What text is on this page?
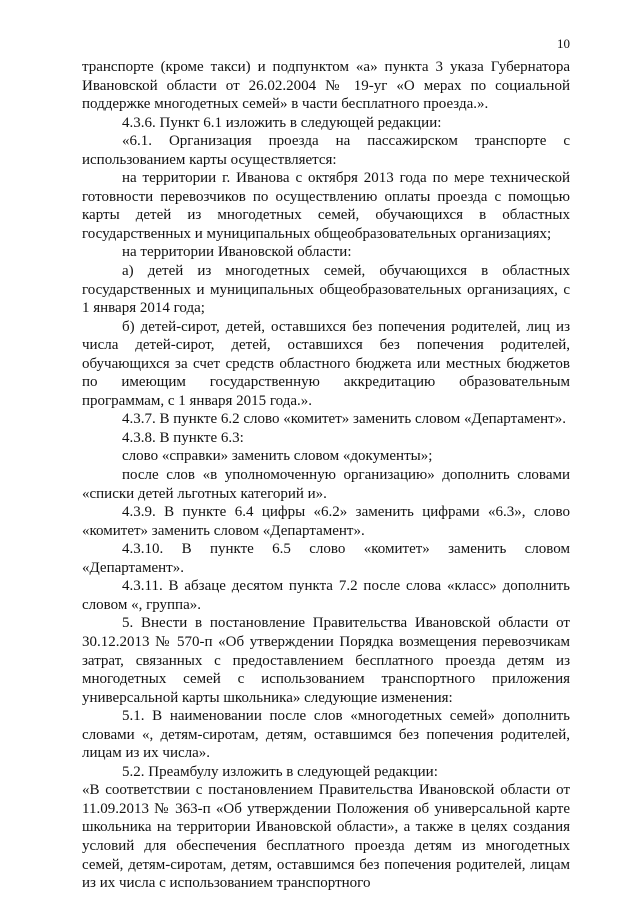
10

транспорте (кроме такси) и подпунктом «а» пункта 3 указа Губернатора Ивановской области от 26.02.2004 № 19-уг «О мерах по социальной поддержке многодетных семей» в части бесплатного проезда.».

4.3.6. Пункт 6.1 изложить в следующей редакции:

«6.1. Организация проезда на пассажирском транспорте с использованием карты осуществляется:

на территории г. Иванова с октября 2013 года по мере технической готовности перевозчиков по осуществлению оплаты проезда с помощью карты детей из многодетных семей, обучающихся в областных государственных и муниципальных общеобразовательных организациях;

на территории Ивановской области:

а) детей из многодетных семей, обучающихся в областных государственных и муниципальных общеобразовательных организациях, с 1 января 2014 года;

б) детей-сирот, детей, оставшихся без попечения родителей, лиц из числа детей-сирот, детей, оставшихся без попечения родителей, обучающихся за счет средств областного бюджета или местных бюджетов по имеющим государственную аккредитацию образовательным программам, с 1 января 2015 года.».

4.3.7. В пункте 6.2 слово «комитет» заменить словом «Департамент».

4.3.8. В пункте 6.3:

слово «справки» заменить словом «документы»;

после слов «в уполномоченную организацию» дополнить словами «списки детей льготных категорий и».

4.3.9. В пункте 6.4 цифры «6.2» заменить цифрами «6.3», слово «комитет» заменить словом «Департамент».

4.3.10. В пункте 6.5 слово «комитет» заменить словом «Департамент».

4.3.11. В абзаце десятом пункта 7.2 после слова «класс» дополнить словом «, группа».

5. Внести в постановление Правительства Ивановской области от 30.12.2013 № 570-п «Об утверждении Порядка возмещения перевозчикам затрат, связанных с предоставлением бесплатного проезда детям из многодетных семей с использованием транспортного приложения универсальной карты школьника» следующие изменения:

5.1. В наименовании после слов «многодетных семей» дополнить словами «, детям-сиротам, детям, оставшимся без попечения родителей, лицам из их числа».

5.2. Преамбулу изложить в следующей редакции:

«В соответствии с постановлением Правительства Ивановской области от 11.09.2013 № 363-п «Об утверждении Положения об универсальной карте школьника на территории Ивановской области», а также в целях создания условий для обеспечения бесплатного проезда детям из многодетных семей, детям-сиротам, детям, оставшимся без попечения родителей, лицам из их числа с использованием транспортного
